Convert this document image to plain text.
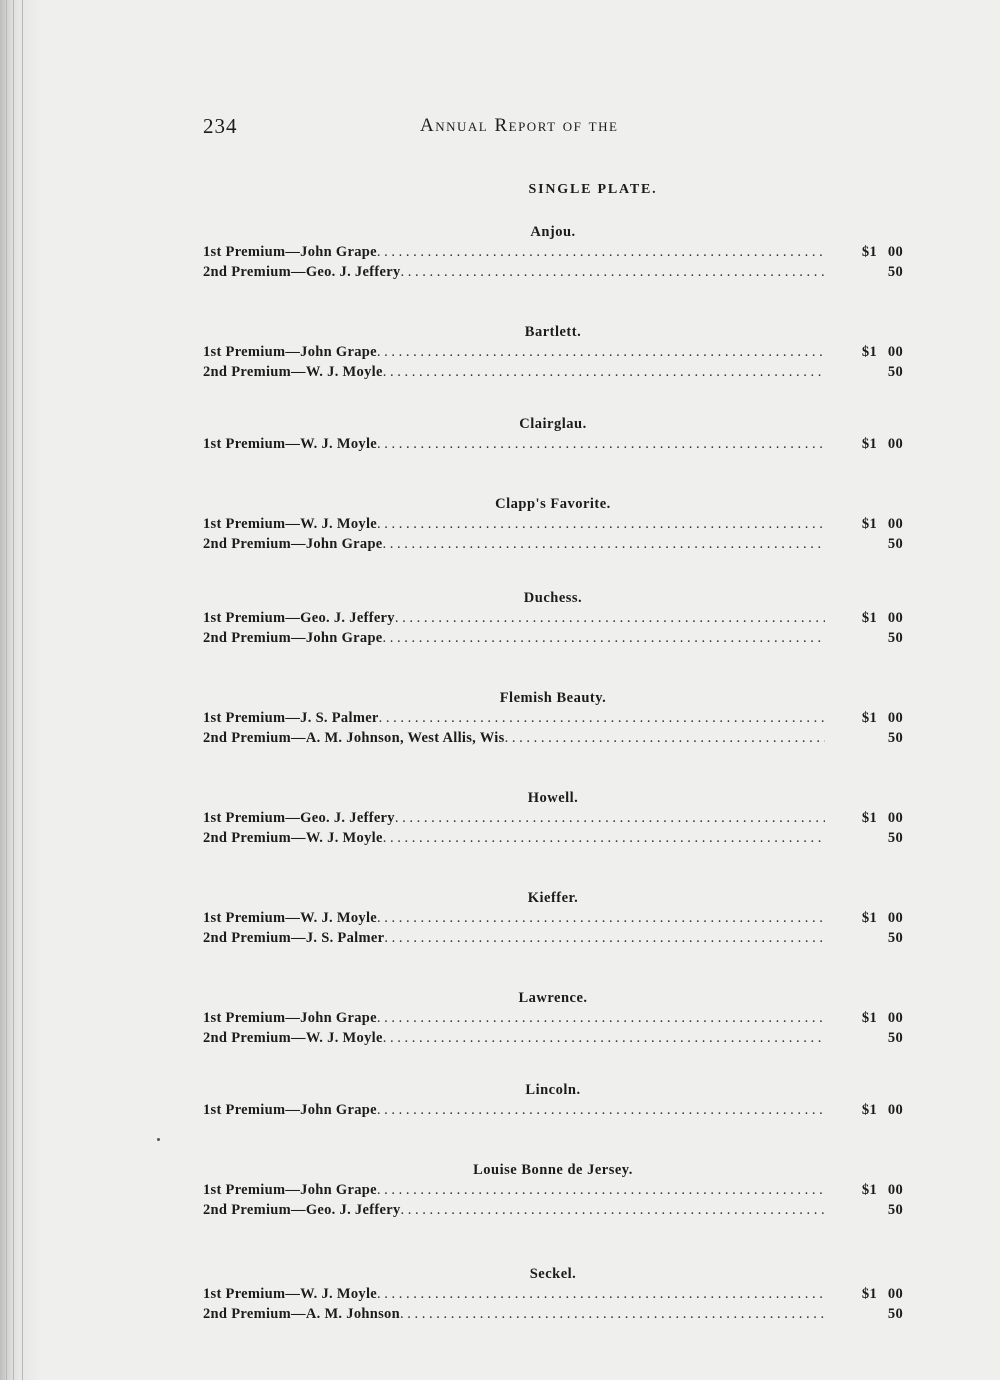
234	Annual Report of the
SINGLE PLATE.
Anjou.
1st Premium—John Grape . . .	$1 00
2nd Premium—Geo. J. Jeffery . . .	50
Bartlett.
1st Premium—John Grape . . .	$1 00
2nd Premium—W. J. Moyle . . .	50
Clairglau.
1st Premium—W. J. Moyle . . .	$1 00
Clapp's Favorite.
1st Premium—W. J. Moyle . . .	$1 00
2nd Premium—John Grape . . .	50
Duchess.
1st Premium—Geo. J. Jeffery . . .	$1 00
2nd Premium—John Grape . . .	50
Flemish Beauty.
1st Premium—J. S. Palmer . . .	$1 00
2nd Premium—A. M. Johnson, West Allis, Wis . . .	50
Howell.
1st Premium—Geo. J. Jeffery . . .	$1 00
2nd Premium—W. J. Moyle . . .	50
Kieffer.
1st Premium—W. J. Moyle . . .	$1 00
2nd Premium—J. S. Palmer . . .	50
Lawrence.
1st Premium—John Grape . . .	$1 00
2nd Premium—W. J. Moyle . . .	50
Lincoln.
1st Premium—John Grape . . .	$1 00
Louise Bonne de Jersey.
1st Premium—John Grape . . .	$1 00
2nd Premium—Geo. J. Jeffery . . .	50
Seckel.
1st Premium—W. J. Moyle . . .	$1 00
2nd Premium—A. M. Johnson . . .	50
